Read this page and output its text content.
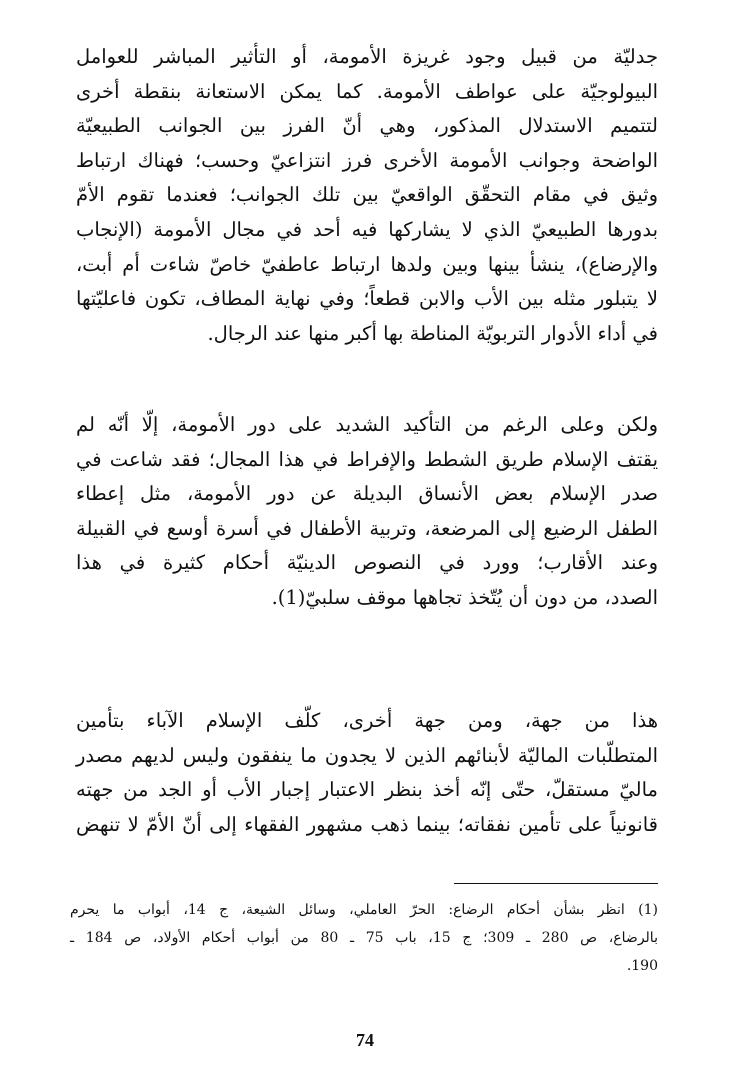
جدليّة من قبيل وجود غريزة الأمومة، أو التأثير المباشر للعوامل
البيولوجيّة على عواطف الأمومة. كما يمكن الاستعانة بنقطة أخرى
لتتميم الاستدلال المذكور، وهي أنّ الفرز بين الجوانب الطبيعيّة
الواضحة وجوانب الأمومة الأخرى فرز انتزاعيّ وحسب؛ فهناك ارتباط
وثيق في مقام التحقّق الواقعيّ بين تلك الجوانب؛ فعندما تقوم الأمّ
بدورها الطبيعيّ الذي لا يشاركها فيه أحد في مجال الأمومة (الإنجاب
والإرضاع)، ينشأ بينها وبين ولدها ارتباط عاطفيّ خاصّ شاءت أم أبت،
لا يتبلور مثله بين الأب والابن قطعاً؛ وفي نهاية المطاف، تكون فاعليّتها
في أداء الأدوار التربويّة المناطة بها أكبر منها عند الرجال.
ولكن وعلى الرغم من التأكيد الشديد على دور الأمومة، إلّا أنّه لم
يقتف الإسلام طريق الشطط والإفراط في هذا المجال؛ فقد شاعت في
صدر الإسلام بعض الأنساق البديلة عن دور الأمومة، مثل إعطاء
الطفل الرضيع إلى المرضعة، وتربية الأطفال في أسرة أوسع في القبيلة
وعند الأقارب؛ وورد في النصوص الدينيّة أحكام كثيرة في هذا
الصدد، من دون أن يُتّخذ تجاهها موقف سلبيّ(1).
هذا من جهة، ومن جهة أخرى، كلّف الإسلام الآباء بتأمين
المتطلّبات الماليّة لأبنائهم الذين لا يجدون ما ينفقون وليس لديهم مصدر
ماليّ مستقلّ، حتّى إنّه أخذ بنظر الاعتبار إجبار الأب أو الجد من جهته
قانونياً على تأمين نفقاته؛ بينما ذهب مشهور الفقهاء إلى أنّ الأمّ لا تنهض
(1) انظر بشأن أحكام الرضاع: الحرّ العاملي، وسائل الشيعة، ج 14، أبواب ما يحرم
بالرضاع، ص 280 ـ 309؛ ج 15، باب 75 ـ 80 من أبواب أحكام الأولاد، ص 184 ـ
190.
74
